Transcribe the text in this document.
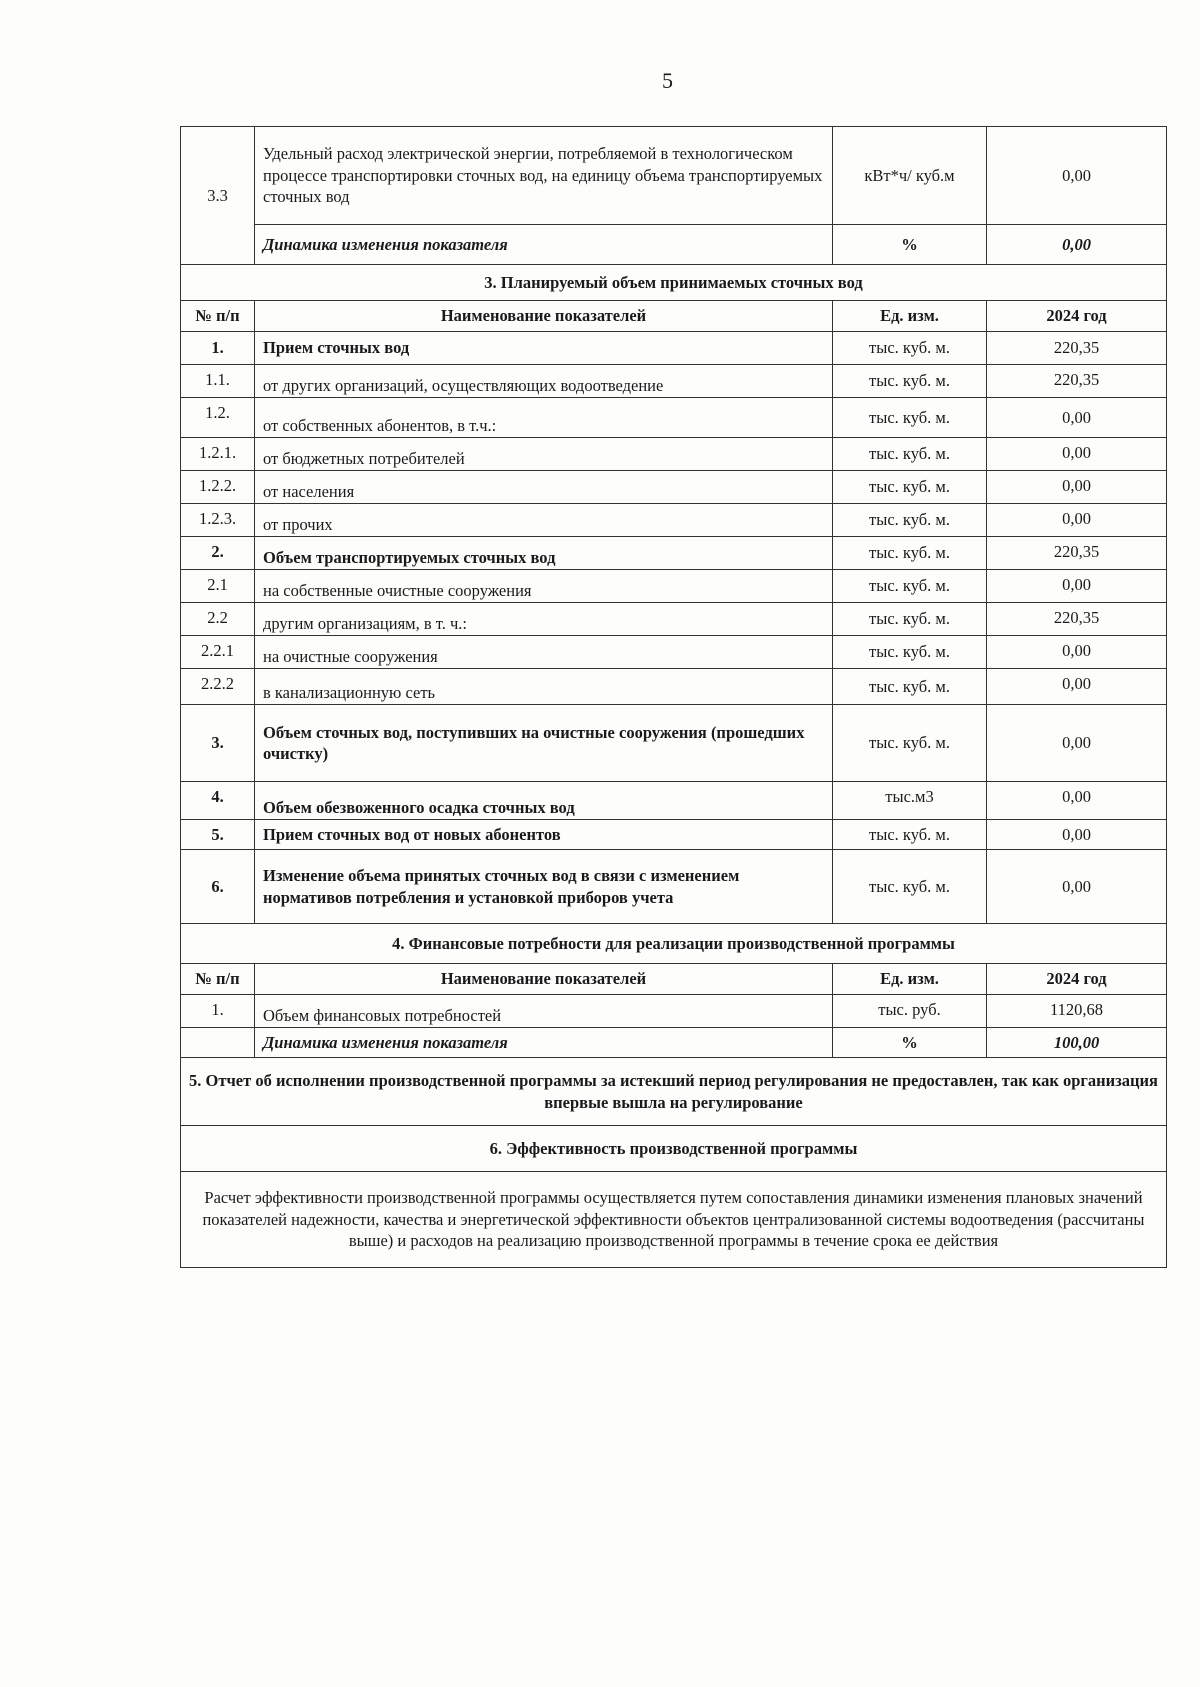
5
3.3	Удельный расход электрической энергии, потребляемой в технологическом процессе транспортировки сточных вод, на единицу объема транспортируемых сточных вод	кВт*ч/ куб.м	0,00
	Динамика изменения показателя	%	0,00
3. Планируемый объем принимаемых сточных вод			
№ п/п	Наименование показателей	Ед. изм.	2024 год
1.	Прием сточных вод	тыс. куб. м.	220,35
1.1.	от других организаций, осуществляющих водоотведение	тыс. куб. м.	220,35
1.2.	от собственных абонентов, в т.ч.:	тыс. куб. м.	0,00
1.2.1.	от бюджетных потребителей	тыс. куб. м.	0,00
1.2.2.	от населения	тыс. куб. м.	0,00
1.2.3.	от прочих	тыс. куб. м.	0,00
2.	Объем транспортируемых сточных вод	тыс. куб. м.	220,35
2.1	на собственные очистные сооружения	тыс. куб. м.	0,00
2.2	другим организациям, в т. ч.:	тыс. куб. м.	220,35
2.2.1	на очистные сооружения	тыс. куб. м.	0,00
2.2.2	в канализационную сеть	тыс. куб. м.	0,00
3.	Объем сточных вод, поступивших на очистные сооружения (прошедших очистку)	тыс. куб. м.	0,00
4.	Объем обезвоженного осадка сточных вод	тыс.м3	0,00
5.	Прием сточных вод от новых абонентов	тыс. куб. м.	0,00
6.	Изменение объема принятых сточных вод в связи с изменением нормативов потребления и установкой приборов учета	тыс. куб. м.	0,00
4. Финансовые потребности для реализации производственной программы			
№ п/п	Наименование показателей	Ед. изм.	2024 год
1.	Объем финансовых потребностей	тыс. руб.	1120,68
	Динамика изменения показателя	%	100,00
5. Отчет об исполнении производственной программы за истекший период регулирования не предоставлен, так как организация впервые вышла на регулирование			
6. Эффективность производственной программы			
Расчет эффективности производственной программы осуществляется путем сопоставления динамики изменения плановых значений показателей надежности, качества и энергетической эффективности объектов централизованной системы водоотведения (рассчитаны выше) и расходов на реализацию производственной программы в течение срока ее действия			
